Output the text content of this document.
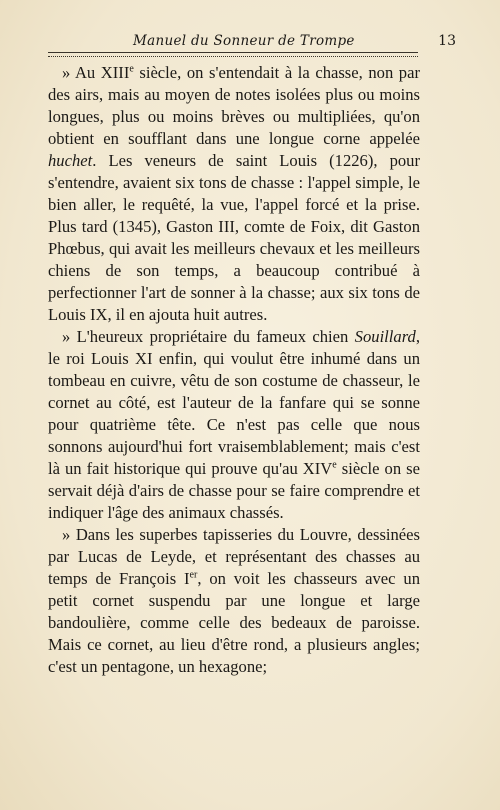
Manuel du Sonneur de Trompe	13

» Au XIIIe siècle, on s'entendait à la chasse, non par des airs, mais au moyen de notes isolées plus ou moins longues, plus ou moins brèves ou multipliées, qu'on obtient en soufflant dans une longue corne appelée huchet. Les veneurs de saint Louis (1226), pour s'entendre, avaient six tons de chasse : l'appel simple, le bien aller, le requêté, la vue, l'appel forcé et la prise. Plus tard (1345), Gaston III, comte de Foix, dit Gaston Phœbus, qui avait les meilleurs chevaux et les meilleurs chiens de son temps, a beaucoup contribué à perfectionner l'art de sonner à la chasse; aux six tons de Louis IX, il en ajouta huit autres.

» L'heureux propriétaire du fameux chien Souillard, le roi Louis XI enfin, qui voulut être inhumé dans un tombeau en cuivre, vêtu de son costume de chasseur, le cornet au côté, est l'auteur de la fanfare qui se sonne pour quatrième tête. Ce n'est pas celle que nous sonnons aujourd'hui fort vraisemblablement; mais c'est là un fait historique qui prouve qu'au XIVe siècle on se servait déjà d'airs de chasse pour se faire comprendre et indiquer l'âge des animaux chassés.

» Dans les superbes tapisseries du Louvre, dessinées par Lucas de Leyde, et représentant des chasses au temps de François Ier, on voit les chasseurs avec un petit cornet suspendu par une longue et large bandoulière, comme celle des bedeaux de paroisse. Mais ce cornet, au lieu d'être rond, a plusieurs angles; c'est un pentagone, un hexagone;
